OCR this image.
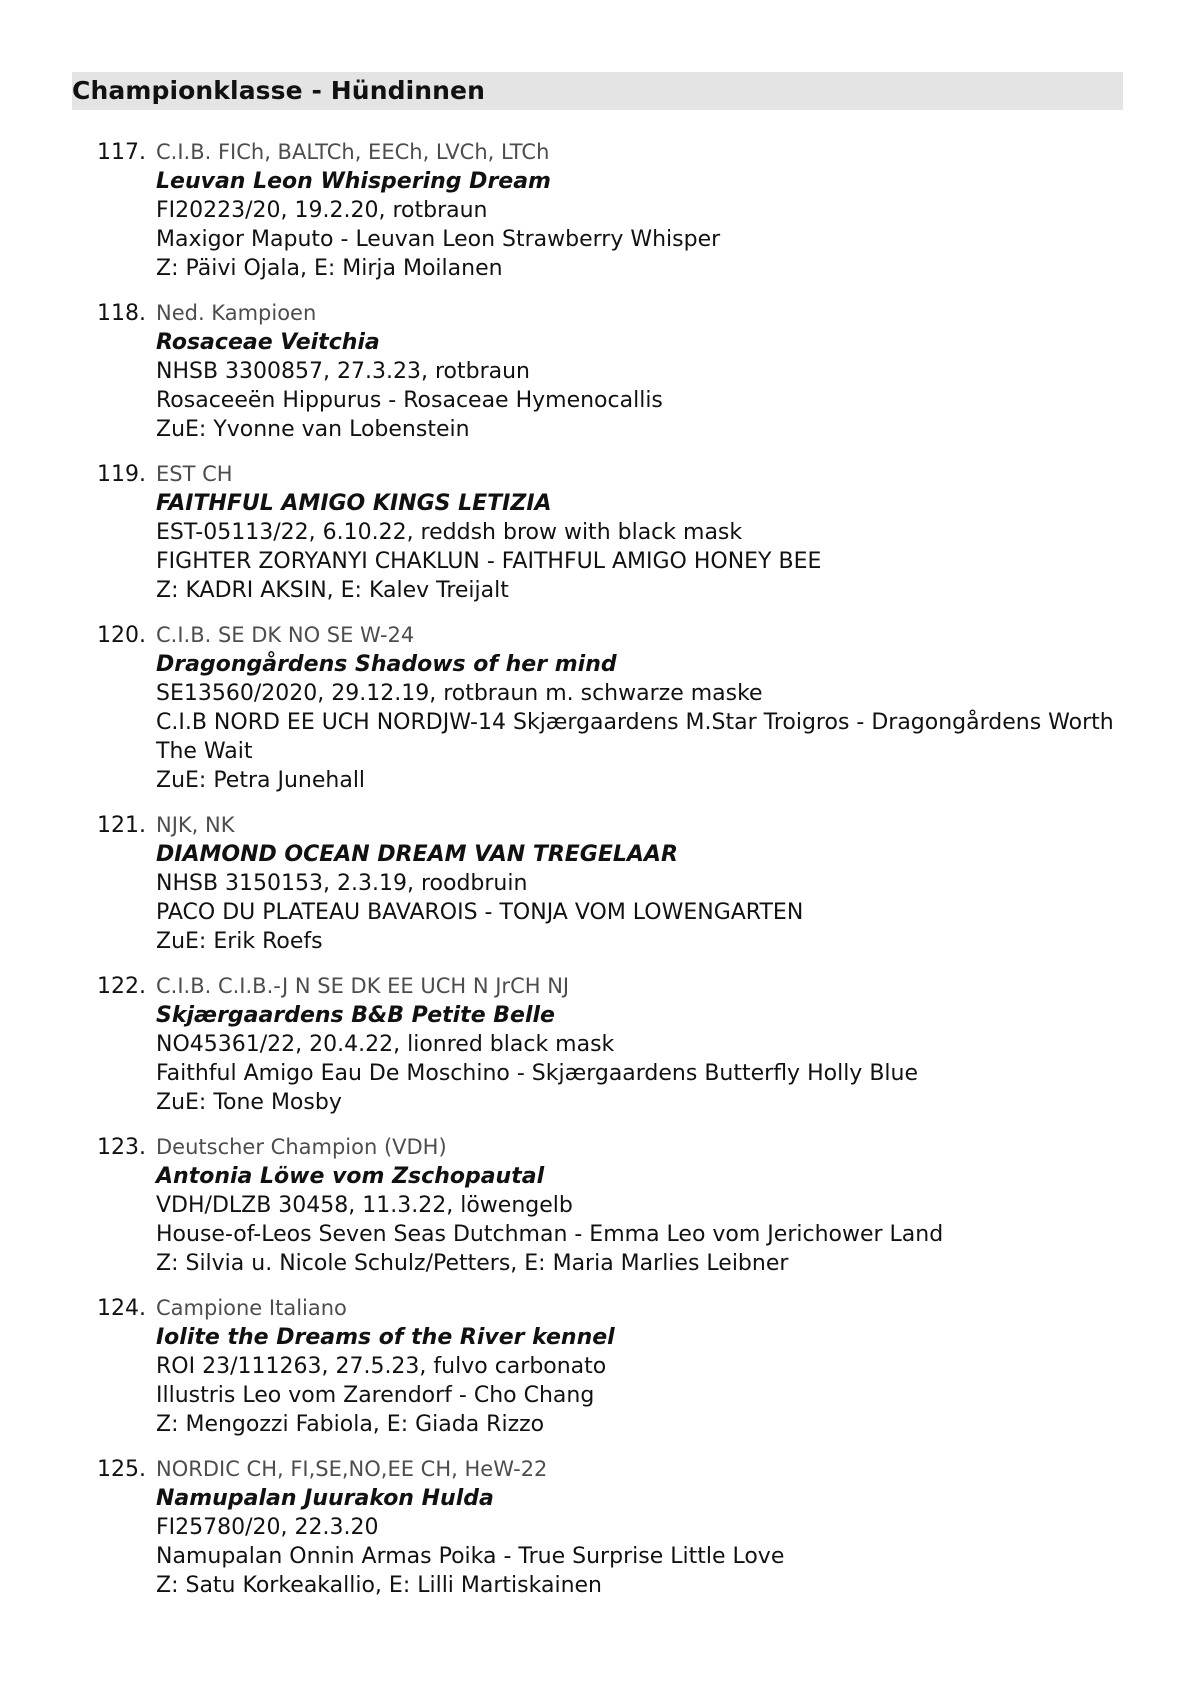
Championklasse - Hündinnen
117. C.I.B. FICh, BALTCh, EECh, LVCh, LTCh
Leuvan Leon Whispering Dream
FI20223/20, 19.2.20, rotbraun
Maxigor Maputo - Leuvan Leon Strawberry Whisper
Z: Päivi Ojala, E: Mirja Moilanen
118. Ned. Kampioen
Rosaceae Veitchia
NHSB 3300857, 27.3.23, rotbraun
Rosaceeën Hippurus - Rosaceae Hymenocallis
ZuE: Yvonne van Lobenstein
119. EST CH
FAITHFUL AMIGO KINGS LETIZIA
EST-05113/22, 6.10.22, reddsh brow with black mask
FIGHTER ZORYANYI CHAKLUN - FAITHFUL AMIGO HONEY BEE
Z: KADRI AKSIN, E: Kalev Treijalt
120. C.I.B. SE DK NO SE W-24
Dragongårdens Shadows of her mind
SE13560/2020, 29.12.19, rotbraun m. schwarze maske
C.I.B NORD EE UCH NORDJW-14 Skjærgaardens M.Star Troigros - Dragongårdens Worth The Wait
ZuE: Petra Junehall
121. NJK, NK
DIAMOND OCEAN DREAM VAN TREGELAAR
NHSB 3150153, 2.3.19, roodbruin
PACO DU PLATEAU BAVAROIS - TONJA VOM LOWENGARTEN
ZuE: Erik Roefs
122. C.I.B. C.I.B.-J N SE DK EE UCH N JrCH NJ
Skjærgaardens B&B Petite Belle
NO45361/22, 20.4.22, lionred black mask
Faithful Amigo Eau De Moschino - Skjærgaardens Butterfly Holly Blue
ZuE: Tone Mosby
123. Deutscher Champion (VDH)
Antonia Löwe vom Zschopautal
VDH/DLZB 30458, 11.3.22, löwengelb
House-of-Leos Seven Seas Dutchman - Emma Leo vom Jerichower Land
Z: Silvia u. Nicole Schulz/Petters, E: Maria Marlies Leibner
124. Campione Italiano
Iolite the Dreams of the River kennel
ROI 23/111263, 27.5.23, fulvo carbonato
Illustris Leo vom Zarendorf - Cho Chang
Z: Mengozzi Fabiola, E: Giada Rizzo
125. NORDIC CH, FI,SE,NO,EE CH, HeW-22
Namupalan Juurakon Hulda
FI25780/20, 22.3.20
Namupalan Onnin Armas Poika - True Surprise Little Love
Z: Satu Korkeakallio, E: Lilli Martiskainen
